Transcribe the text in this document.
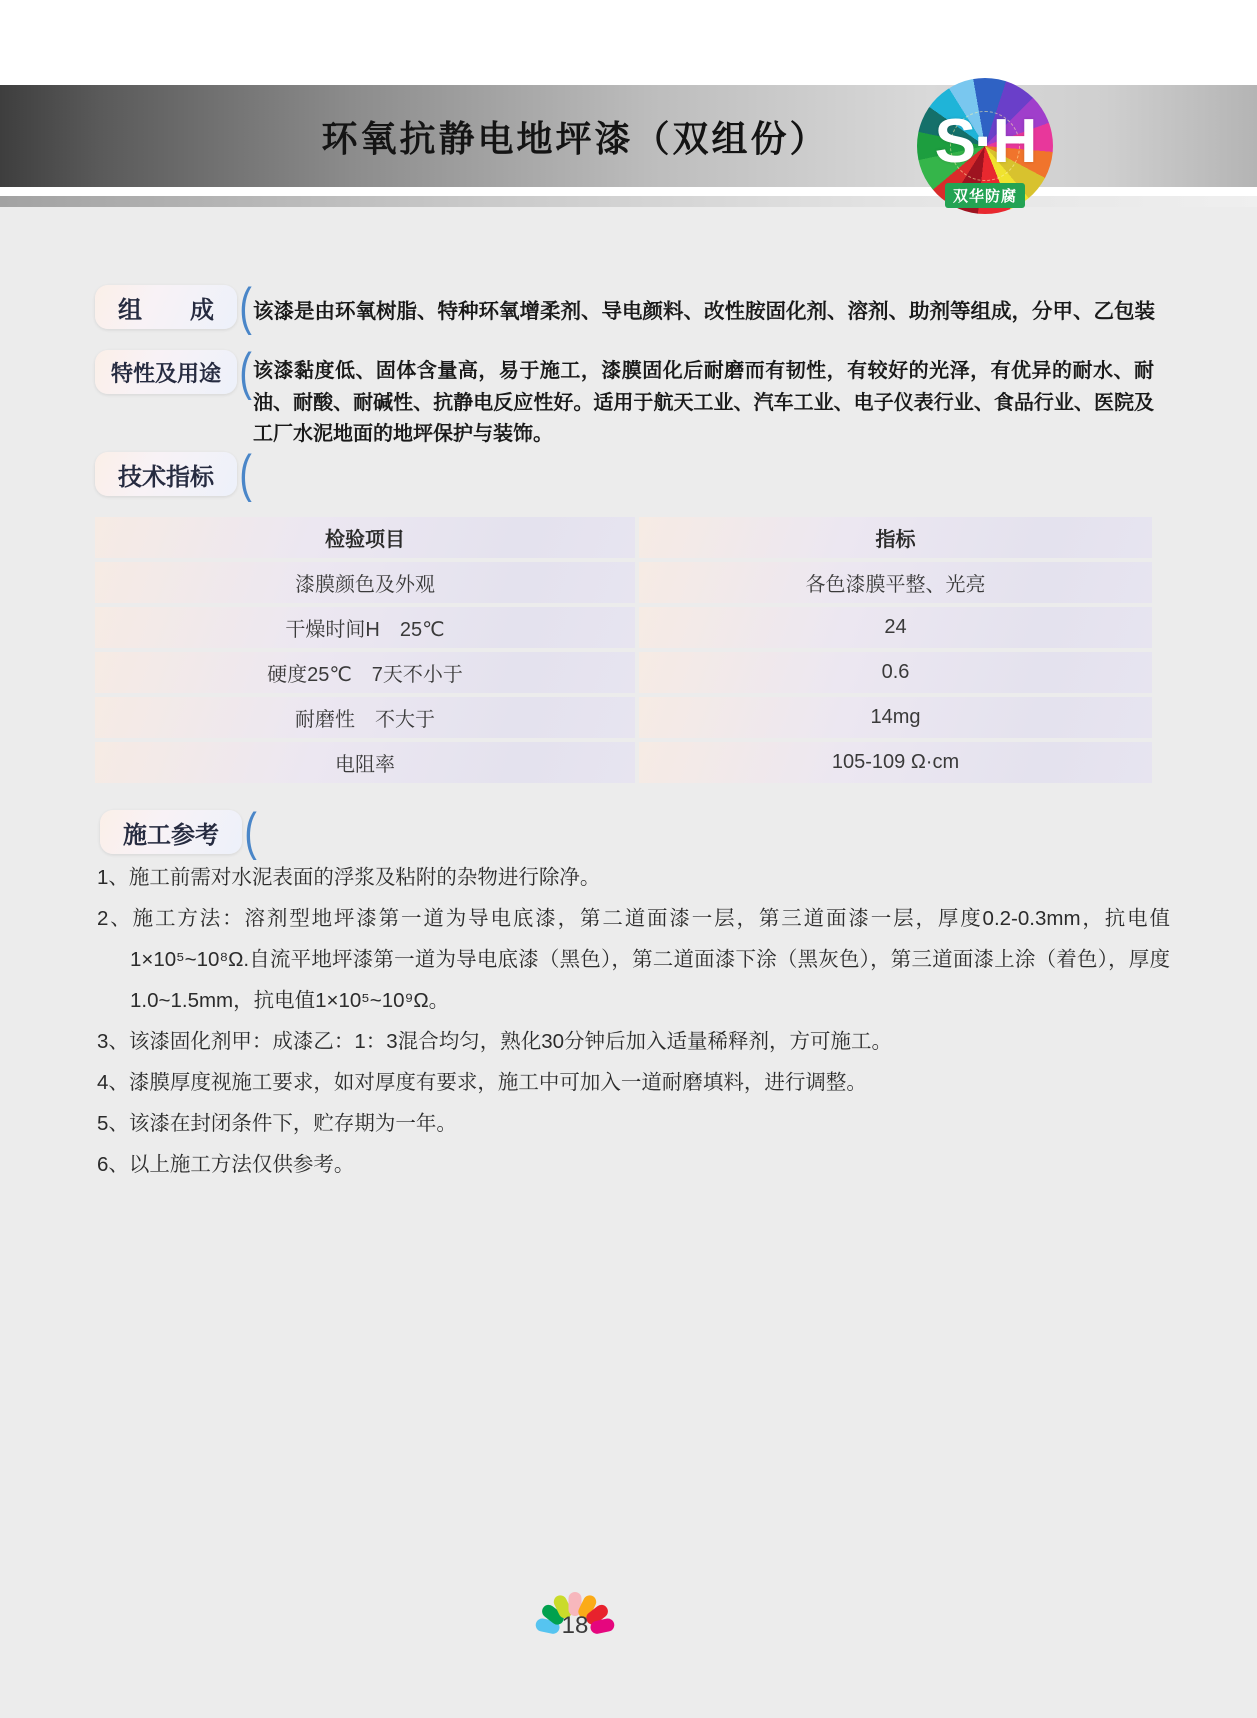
环氧抗静电地坪漆（双组份）	S·H
双华防腐
组　　成 ( 该漆是由环氧树脂、特种环氧增柔剂、导电颜料、改性胺固化剂、溶剂、助剂等组成，分甲、乙包装
特性及用途 ( 该漆黏度低、固体含量高，易于施工，漆膜固化后耐磨而有韧性，有较好的光泽，有优异的耐水、耐油、耐酸、耐碱性、抗静电反应性好。适用于航天工业、汽车工业、电子仪表行业、食品行业、医院及工厂水泥地面的地坪保护与装饰。
技术指标 (
检验项目	指标
漆膜颜色及外观	各色漆膜平整、光亮
干燥时间H　25℃	24
硬度25℃　7天不小于	0.6
耐磨性　不大于	14mg
电阻率	105-109 Ω·cm
施工参考 (
1、施工前需对水泥表面的浮浆及粘附的杂物进行除净。
2、施工方法：溶剂型地坪漆第一道为导电底漆，第二道面漆一层，第三道面漆一层，厚度0.2-0.3mm，抗电值1×10⁵~10⁸Ω.自流平地坪漆第一道为导电底漆（黑色），第二道面漆下涂（黑灰色），第三道面漆上涂（着色），厚度1.0~1.5mm，抗电值1×10⁵~10⁹Ω。
3、该漆固化剂甲：成漆乙：1：3混合均匀，熟化30分钟后加入适量稀释剂，方可施工。
4、漆膜厚度视施工要求，如对厚度有要求，施工中可加入一道耐磨填料，进行调整。
5、该漆在封闭条件下，贮存期为一年。
6、以上施工方法仅供参考。
18
